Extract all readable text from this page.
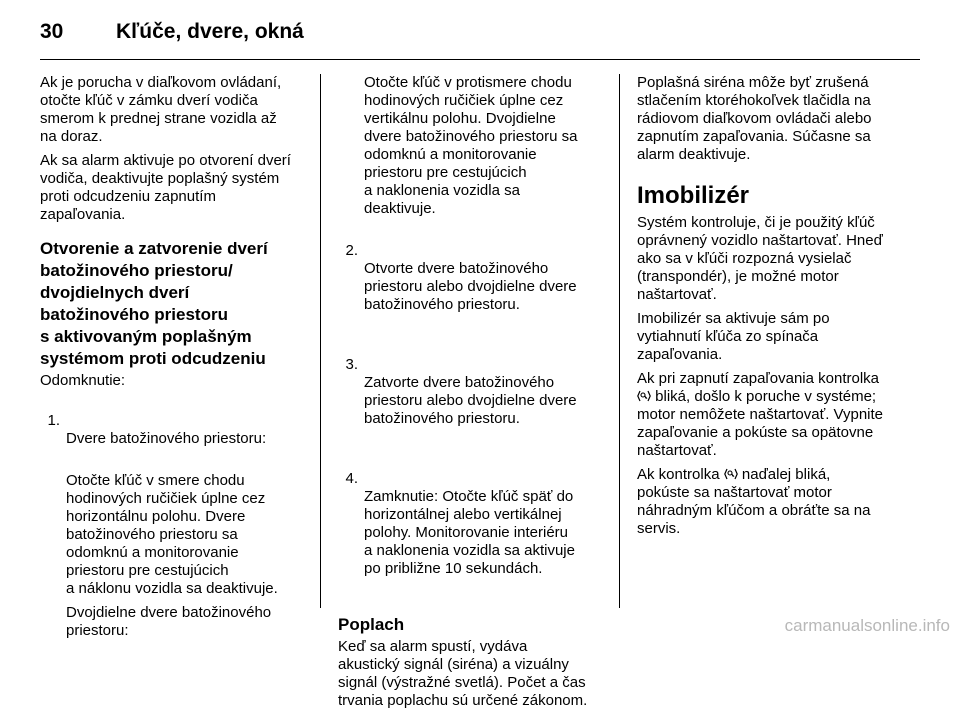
30	Kľúče, dvere, okná

Ak je porucha v diaľkovom ovládaní,
otočte kľúč v zámku dverí vodiča
smerom k prednej strane vozidla až
na doraz.

Ak sa alarm aktivuje po otvorení dverí
vodiča, deaktivujte poplašný systém
proti odcudzeniu zapnutím
zapaľovania.

Otvorenie a zatvorenie dverí
batožinového priestoru/
dvojdielnych dverí
batožinového priestoru
s aktivovaným poplašným
systémom proti odcudzeniu

Odomknutie:

1.

Dvere batožinového priestoru:

Otočte kľúč v smere chodu
hodinových ručičiek úplne cez
horizontálnu polohu. Dvere
batožinového priestoru sa
odomknú a monitorovanie
priestoru pre cestujúcich
a náklonu vozidla sa deaktivuje.

Dvojdielne dvere batožinového
priestoru:

Otočte kľúč v protismere chodu
hodinových ručičiek úplne cez
vertikálnu polohu. Dvojdielne
dvere batožinového priestoru sa
odomknú a monitorovanie
priestoru pre cestujúcich
a naklonenia vozidla sa
deaktivuje.

2.

Otvorte dvere batožinového
priestoru alebo dvojdielne dvere
batožinového priestoru.

3.

Zatvorte dvere batožinového
priestoru alebo dvojdielne dvere
batožinového priestoru.

4.

Zamknutie: Otočte kľúč späť do
horizontálnej alebo vertikálnej
polohy. Monitorovanie interiéru
a naklonenia vozidla sa aktivuje
po približne 10 sekundách.

Poplach

Keď sa alarm spustí, vydáva
akustický signál (siréna) a vizuálny
signál (výstražné svetlá). Počet a čas
trvania poplachu sú určené zákonom.

Poplašná siréna môže byť zrušená
stlačením ktoréhokoľvek tlačidla na
rádiovom diaľkovom ovládači alebo
zapnutím zapaľovania. Súčasne sa
alarm deaktivuje.

Imobilizér

Systém kontroluje, či je použitý kľúč
oprávnený vozidlo naštartovať. Hneď
ako sa v kľúči rozpozná vysielač
(transpondér), je možné motor
naštartovať.

Imobilizér sa aktivuje sám po
vytiahnutí kľúča zo spínača
zapaľovania.

Ak pri zapnutí zapaľovania kontrolka
bliká, došlo k poruche v systéme;
motor nemôžete naštartovať. Vypnite
zapaľovanie a pokúste sa opätovne
naštartovať.

Ak kontrolka  naďalej bliká,
pokúste sa naštartovať motor
náhradným kľúčom a obráťte sa na
servis.

carmanualsonline.info
